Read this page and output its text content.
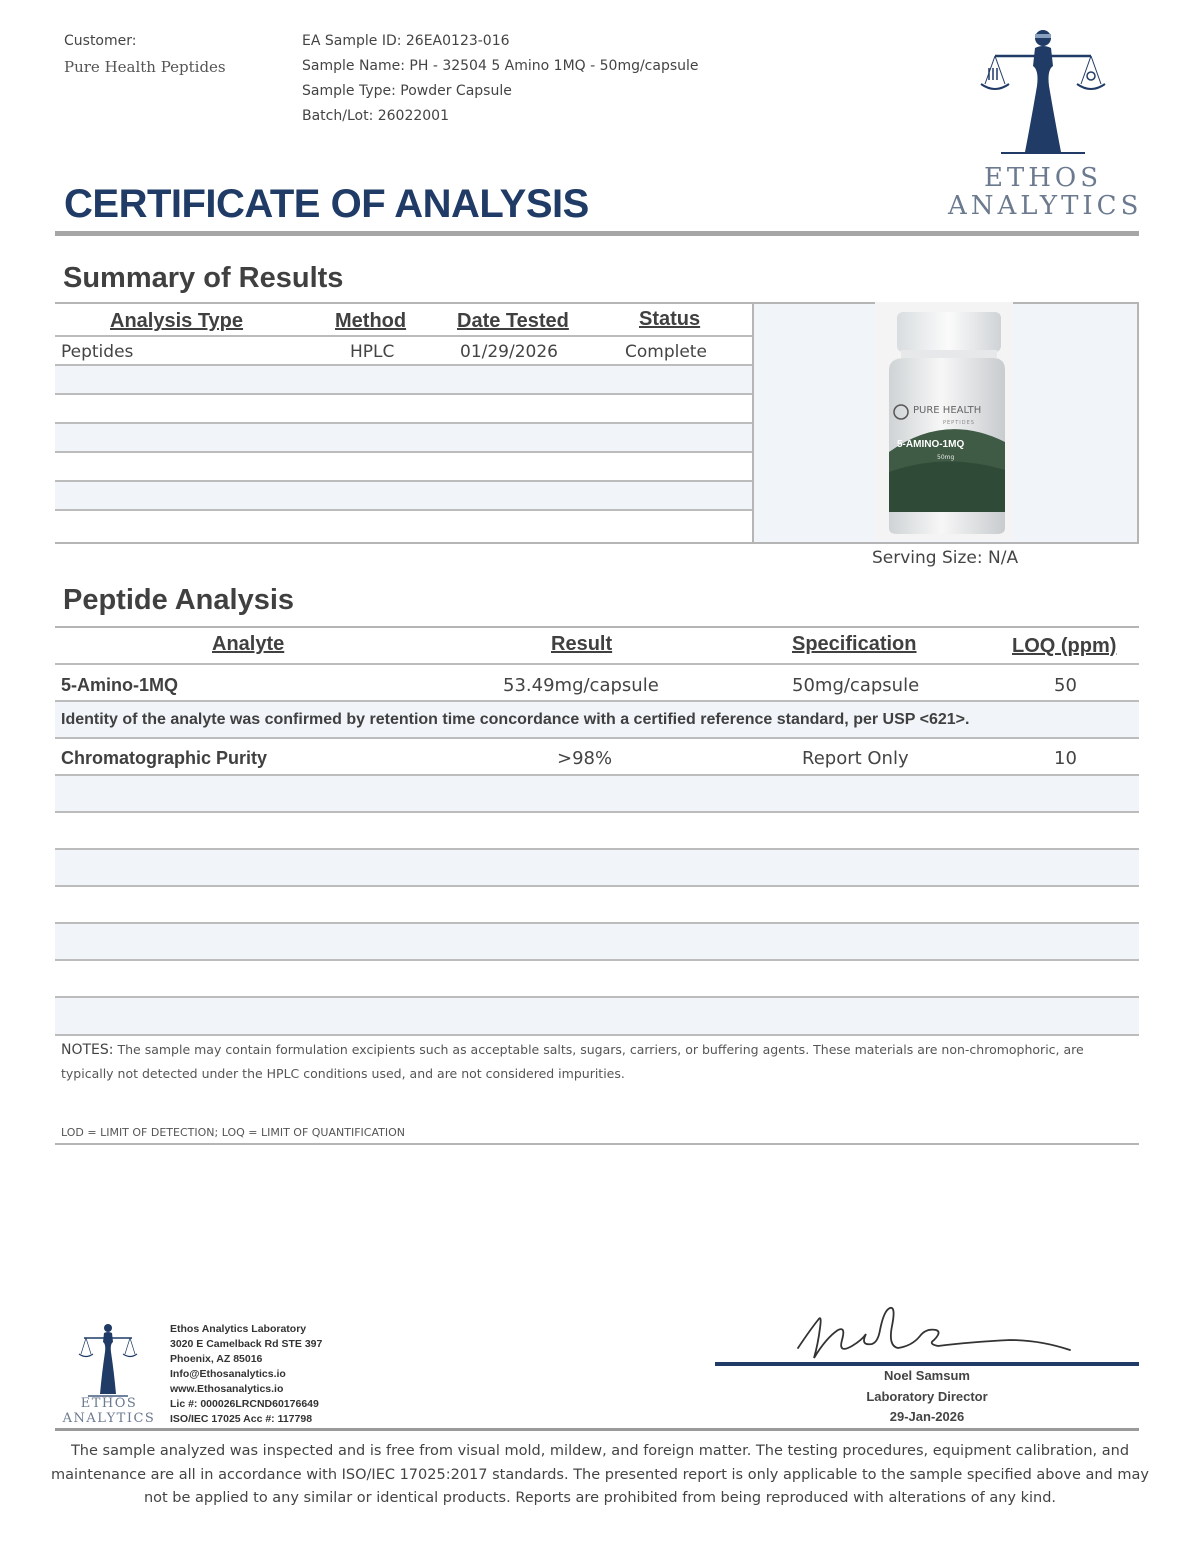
Customer:
Pure Health Peptides
EA Sample ID: 26EA0123-016
Sample Name: PH - 32504 5 Amino 1MQ - 50mg/capsule
Sample Type: Powder Capsule
Batch/Lot: 26022001
ETHOS
ANALYTICS
CERTIFICATE OF ANALYSIS
Summary of Results
Analysis Type	Method	Date Tested	Status
Peptides	HPLC	01/29/2026	Complete
PURE HEALTH
PEPTIDES
5-AMINO-1MQ
50mg
Serving Size: N/A
Peptide Analysis
Analyte	Result	Specification	LOQ (ppm)
5-Amino-1MQ	53.49mg/capsule	50mg/capsule	50
Identity of the analyte was confirmed by retention time concordance with a certified reference standard, per USP <621>.
Chromatographic Purity	>98%	Report Only	10
NOTES: The sample may contain formulation excipients such as acceptable salts, sugars, carriers, or buffering agents. These materials are non-chromophoric, are
typically not detected under the HPLC conditions used, and are not considered impurities.
LOD = LIMIT OF DETECTION; LOQ = LIMIT OF QUANTIFICATION
ETHOS
ANALYTICS
Ethos Analytics Laboratory
3020 E Camelback Rd STE 397
Phoenix, AZ 85016
Info@Ethosanalytics.io
www.Ethosanalytics.io
Lic #: 000026LRCND60176649
ISO/IEC 17025 Acc #: 117798
Noel Samsum
Laboratory Director
29-Jan-2026
The sample analyzed was inspected and is free from visual mold, mildew, and foreign matter. The testing procedures, equipment calibration, and
maintenance are all in accordance with ISO/IEC 17025:2017 standards. The presented report is only applicable to the sample specified above and may
not be applied to any similar or identical products. Reports are prohibited from being reproduced with alterations of any kind.
